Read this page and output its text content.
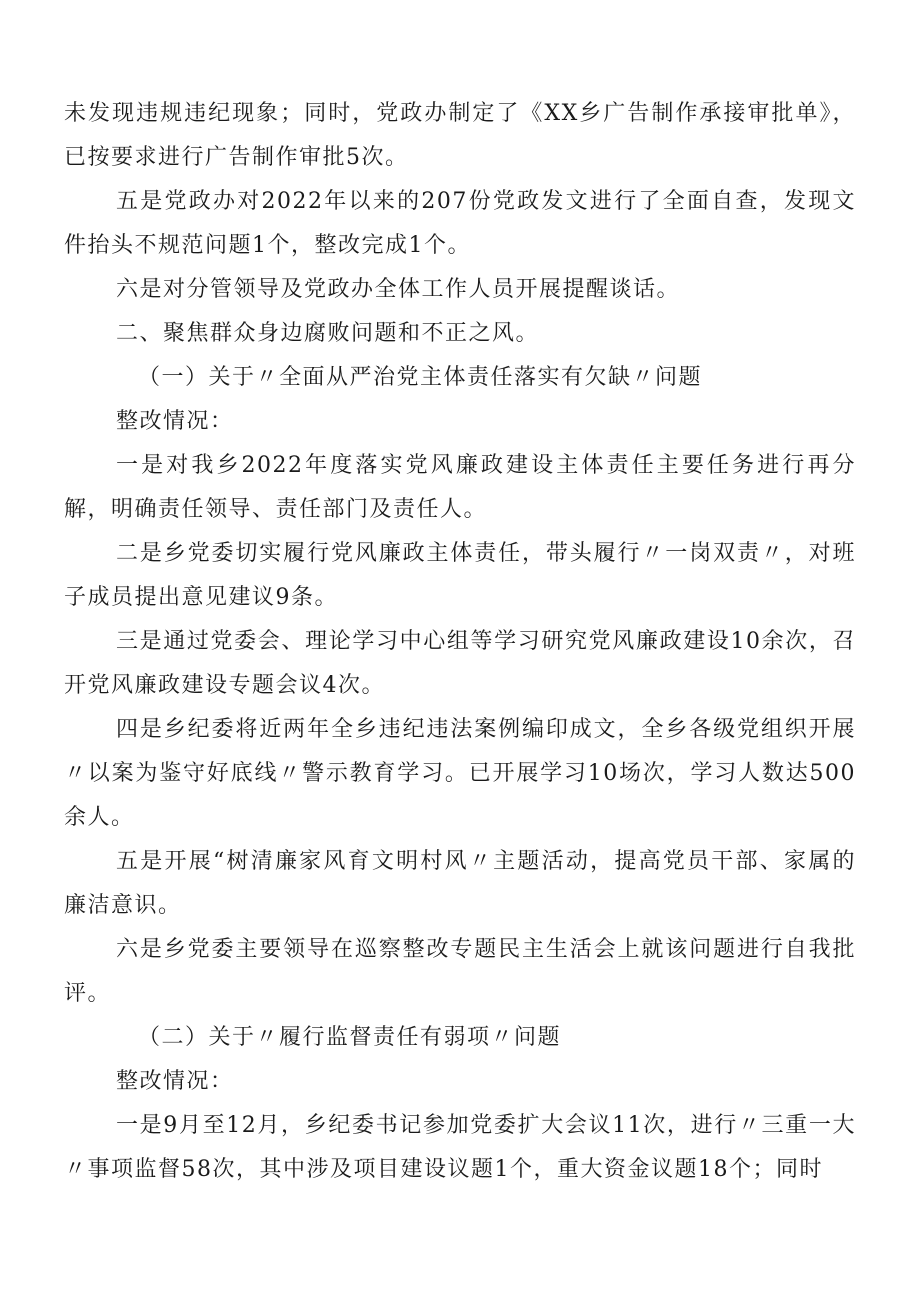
未发现违规违纪现象；同时，党政办制定了《XX乡广告制作承接审批单》，已按要求进行广告制作审批5次。

五是党政办对2022年以来的207份党政发文进行了全面自查，发现文件抬头不规范问题1个，整改完成1个。

六是对分管领导及党政办全体工作人员开展提醒谈话。

二、聚焦群众身边腐败问题和不正之风。

（一）关于〃全面从严治党主体责任落实有欠缺〃问题

整改情况：

一是对我乡2022年度落实党风廉政建设主体责任主要任务进行再分解，明确责任领导、责任部门及责任人。

二是乡党委切实履行党风廉政主体责任，带头履行〃一岗双责〃，对班子成员提出意见建议9条。

三是通过党委会、理论学习中心组等学习研究党风廉政建设10余次，召开党风廉政建设专题会议4次。

四是乡纪委将近两年全乡违纪违法案例编印成文，全乡各级党组织开展〃以案为鉴守好底线〃警示教育学习。已开展学习10场次，学习人数达500余人。

五是开展“树清廉家风育文明村风〃主题活动，提高党员干部、家属的廉洁意识。

六是乡党委主要领导在巡察整改专题民主生活会上就该问题进行自我批评。

（二）关于〃履行监督责任有弱项〃问题

整改情况：

一是9月至12月，乡纪委书记参加党委扩大会议11次，进行〃三重一大〃事项监督58次，其中涉及项目建设议题1个，重大资金议题18个；同时
